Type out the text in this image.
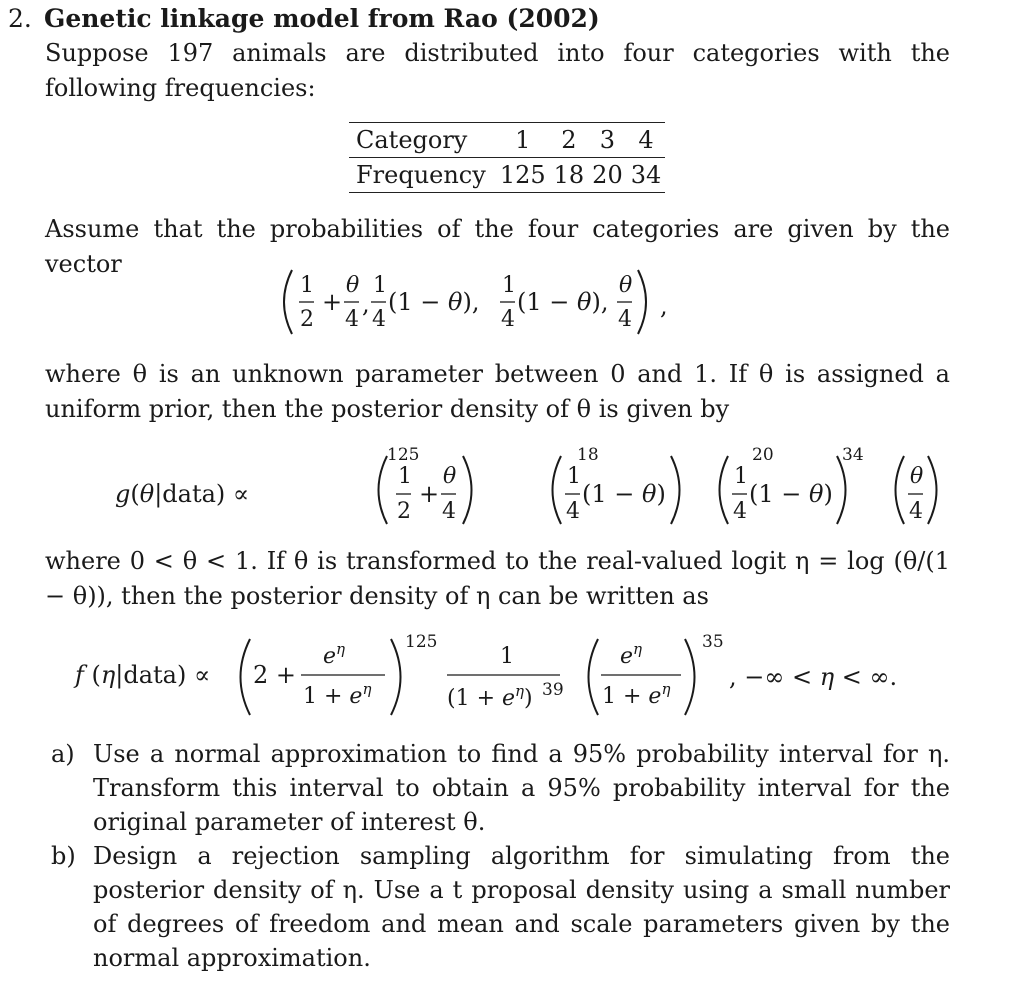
2. Genetic linkage model from Rao (2002)
Suppose 197 animals are distributed into four categories with the following frequencies:
Category	1	2	3	4
Frequency	125	18	20	34
Assume that the probabilities of the four categories are given by the vector
1
2
+
θ
4
,
1
4
(1 − θ),
1
4
(1 − θ),
θ
4 ,
where θ is an unknown parameter between 0 and 1. If θ is assigned a uniform prior, then the posterior density of θ is given by
g(θ|data) ∝
1
2
+
θ
4
125
1
4
(1 − θ)
18
1
4
(1 − θ)
20
θ
4
34
where 0 < θ < 1. If θ is transformed to the real-valued logit η = log (θ/(1 − θ)), then the posterior density of η can be written as
f (η|data) ∝ 2 +
$e^\eta$
$1 + e^\eta$
125
1
$(1 + e^\eta)$ 39
$e^\eta$
$1 + e^\eta$
35
, −∞ < η < ∞.
a) Use a normal approximation to find a 95% probability interval for η. Transform this interval to obtain a 95% probability interval for the original parameter of interest θ.
b) Design a rejection sampling algorithm for simulating from the posterior density of η. Use a t proposal density using a small number of degrees of freedom and mean and scale parameters given by the normal approximation.
